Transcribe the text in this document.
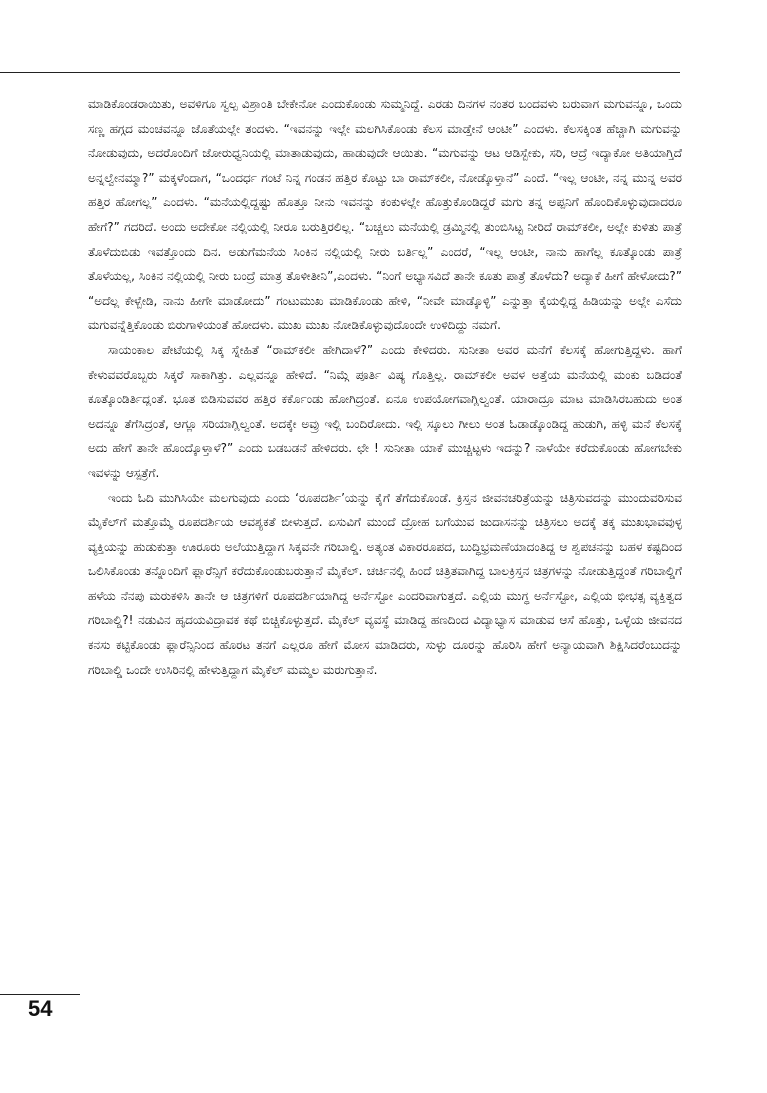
ಮಾಡಿಕೊಂಡರಾಯಿತು, ಅವಳಿಗೂ ಸ್ವಲ್ಪ ವಿಶ್ರಾಂತಿ ಬೇಕೇನೋ ಎಂದುಕೊಂಡು ಸುಮ್ಮನಿದ್ದೆ. ಎರಡು ದಿನಗಳ ನಂತರ ಬಂದವಳು ಬರುವಾಗ ಮಗುವನ್ನೂ, ಒಂದು ಸಣ್ಣ ಹಗ್ಗದ ಮಂಚವನ್ನೂ ಜೊತೆಯಲ್ಲೇ ತಂದಳು. “ಇವನನ್ನು ಇಲ್ಲೇ ಮಲಗಿಸಿಕೊಂಡು ಕೆಲಸ ಮಾಡ್ತೇನೆ ಆಂಟೀ” ಎಂದಳು. ಕೆಲಸಕ್ಕಿಂತ ಹೆಚ್ಚಾಗಿ ಮಗುವನ್ನು ನೋಡುವುದು, ಅದರೊಂದಿಗೆ ಜೋರುಧ್ವನಿಯಲ್ಲಿ ಮಾತಾಡುವುದು, ಹಾಡುವುದೇ ಆಯಿತು. “ಮಗುವನ್ನು ಆಟ ಆಡಿಸ್ಬೇಕು, ಸರಿ, ಆದ್ರೆ ಇದ್ಯಾಕೋ ಅತಿಯಾಗ್ತಿದೆ ಅನ್ನಲ್ವೇನಮ್ಮಾ?” ಮಕ್ಕಳೆಂದಾಗ, “ಒಂದರ್ಧ ಗಂಟೆ ನಿನ್ನ ಗಂಡನ ಹತ್ತಿರ ಕೊಟ್ಟು ಬಾ ರಾಮ್‌ಕಲೀ, ನೋಡ್ಕೊಳ್ತಾನೆ” ಎಂದೆ. “ಇಲ್ಲ ಆಂಟೀ, ನನ್ನ ಮುನ್ನ ಅವರ ಹತ್ತಿರ ಹೋಗಲ್ಲ” ಎಂದಳು. “ಮನೆಯಲ್ಲಿದ್ದಷ್ಟು ಹೊತ್ತೂ ನೀನು ಇವನನ್ನು ಕಂಕುಳಲ್ಲೇ ಹೊತ್ತುಕೊಂಡಿದ್ದರೆ ಮಗು ತನ್ನ ಅಪ್ಪನಿಗೆ ಹೊಂದಿಕೊಳ್ಳುವುದಾದರೂ ಹೇಗೆ?” ಗದರಿದೆ. ಅಂದು ಅದೇಕೋ ನಲ್ಲಿಯಲ್ಲಿ ನೀರೂ ಬರುತ್ತಿರಲಿಲ್ಲ. “ಬಚ್ಚಲು ಮನೆಯಲ್ಲಿ ಡ್ರಮ್ಮಿನಲ್ಲಿ ತುಂಬಿಸಿಟ್ಟ ನೀರಿದೆ ರಾಮ್‌ಕಲೀ, ಅಲ್ಲೇ ಕುಳಿತು ಪಾತ್ರೆ ತೊಳೆದುಬಿಡು ಇವತ್ತೊಂದು ದಿನ. ಅಡುಗೆಮನೆಯ ಸಿಂಕಿನ ನಲ್ಲಿಯಲ್ಲಿ ನೀರು ಬರ್ತಿಲ್ಲ” ಎಂದರೆ, “ಇಲ್ಲ ಆಂಟೀ, ನಾನು ಹಾಗೆಲ್ಲ ಕೂತ್ಕೊಂಡು ಪಾತ್ರೆ ತೊಳೆಯಲ್ಲ, ಸಿಂಕಿನ ನಲ್ಲಿಯಲ್ಲಿ ನೀರು ಬಂದ್ರೆ ಮಾತ್ರ ತೊಳೀತೀನಿ”,ಎಂದಳು. “ನಿಂಗೆ ಅಭ್ಯಾಸವಿದೆ ತಾನೇ ಕೂತು ಪಾತ್ರೆ ತೊಳೆದು? ಅದ್ಯಾಕೆ ಹೀಗೆ ಹೇಳೋದು?” “ಅದೆಲ್ಲ ಕೇಳ್ಬೇಡಿ, ನಾನು ಹೀಗೇ ಮಾಡೋದು” ಗಂಟುಮುಖ ಮಾಡಿಕೊಂಡು ಹೇಳಿ, “ನೀವೇ ಮಾಡ್ಕೊಳ್ಳಿ” ಎನ್ನುತ್ತಾ ಕೈಯಲ್ಲಿದ್ದ ಹಿಡಿಯನ್ನು ಅಲ್ಲೇ ಎಸೆದು ಮಗುವನ್ನೆತ್ತಿಕೊಂಡು ಬಿರುಗಾಳಿಯಂತೆ ಹೋದಳು. ಮುಖ ಮುಖ ನೋಡಿಕೊಳ್ಳುವುದೊಂದೇ ಉಳಿದಿದ್ದು ನಮಗೆ.

ಸಾಯಂಕಾಲ ಪೇಟೆಯಲ್ಲಿ ಸಿಕ್ಕ ಸ್ನೇಹಿತೆ “ರಾಮ್‌ಕಲೀ ಹೇಗಿದಾಳೆ?” ಎಂದು ಕೇಳಿದರು. ಸುನೀತಾ ಅವರ ಮನೆಗೆ ಕೆಲಸಕ್ಕೆ ಹೋಗುತ್ತಿದ್ದಳು. ಹಾಗೆ ಕೇಳುವವರೊಬ್ಬರು ಸಿಕ್ಕರೆ ಸಾಕಾಗಿತ್ತು. ಎಲ್ಲವನ್ನೂ ಹೇಳಿದೆ. “ನಿಮ್ಗೆ ಪೂರ್ತಿ ವಿಷ್ಯ ಗೊತ್ತಿಲ್ಲ. ರಾಮ್‌ಕಲೀ ಅವಳ ಅತ್ತೆಯ ಮನೆಯಲ್ಲಿ ಮಂಕು ಬಡಿದಂತೆ ಕೂತ್ಕೊಂಡಿರ್ತಿದ್ಲಂತೆ. ಭೂತ ಬಿಡಿಸುವವರ ಹತ್ತಿರ ಕರ್ಕೊಂಡು ಹೋಗಿದ್ರಂತೆ. ಏನೂ ಉಪಯೋಗವಾಗ್ಲಿಲ್ವಂತೆ. ಯಾರಾದ್ರೂ ಮಾಟ ಮಾಡಿಸಿರಬಹುದು ಅಂತ ಅದನ್ನೂ ತೆಗೆಸಿದ್ರಂತೆ, ಆಗ್ಲೂ ಸರಿಯಾಗ್ಲಿಲ್ವಂತೆ. ಅದಕ್ಕೇ ಅವ್ರು ಇಲ್ಲಿ ಬಂದಿರೋದು. ಇಲ್ಲಿ ಸ್ಕೂಲು ಗೀಲು ಅಂತ ಓಡಾಡ್ಕೊಂಡಿದ್ದ ಹುಡುಗಿ, ಹಳ್ಳಿ ಮನೆ ಕೆಲಸಕ್ಕೆ ಅದು ಹೇಗೆ ತಾನೇ ಹೊಂದ್ಕೊಳ್ತಾಳೆ?” ಎಂದು ಬಡಬಡನೆ ಹೇಳಿದರು. ಛೇ ! ಸುನೀತಾ ಯಾಕೆ ಮುಚ್ಚಿಟ್ಟಳು ಇದನ್ನು? ನಾಳೆಯೇ ಕರೆದುಕೊಂಡು ಹೋಗಬೇಕು ಇವಳನ್ನು ಆಸ್ಪತ್ರೆಗೆ.

ಇಂದು ಓದಿ ಮುಗಿಸಿಯೇ ಮಲಗುವುದು ಎಂದು ‘ರೂಪದರ್ಶಿ’ಯನ್ನು ಕೈಗೆ ತೆಗೆದುಕೊಂಡೆ. ಕ್ರಿಸ್ತನ ಜೀವನಚರಿತ್ರೆಯನ್ನು ಚಿತ್ರಿಸುವದನ್ನು ಮುಂದುವರಿಸುವ ಮೈಕೆಲ್‌ಗೆ ಮತ್ತೊಮ್ಮೆ ರೂಪದರ್ಶಿಯ ಆವಶ್ಯಕತೆ ಬೀಳುತ್ತದೆ. ಏಸುವಿಗೆ ಮುಂದೆ ದ್ರೋಹ ಬಗೆಯುವ ಜುದಾಸನನ್ನು ಚಿತ್ರಿಸಲು ಅದಕ್ಕೆ ತಕ್ಕ ಮುಖಭಾವವುಳ್ಳ ವ್ಯಕ್ತಿಯನ್ನು ಹುಡುಕುತ್ತಾ ಊರೂರು ಅಲೆಯುತ್ತಿದ್ದಾಗ ಸಿಕ್ಕವನೇ ಗರಿಬಾಲ್ಡಿ. ಅತ್ಯಂತ ವಿಕಾರರೂಪದ, ಬುದ್ಧಿಭ್ರಮಣೆಯಾದಂತಿದ್ದ ಆ ಶ್ವಪಚನನ್ನು ಬಹಳ ಕಷ್ಟದಿಂದ ಒಲಿಸಿಕೊಂಡು ತನ್ನೊಂದಿಗೆ ಫ್ಲಾರೆನ್ಸಿಗೆ ಕರೆದುಕೊಂಡುಬರುತ್ತಾನೆ ಮೈಕೆಲ್. ಚರ್ಚಿನಲ್ಲಿ ಹಿಂದೆ ಚಿತ್ರಿತವಾಗಿದ್ದ ಬಾಲಕ್ರಿಸ್ತನ ಚಿತ್ರಗಳನ್ನು ನೋಡುತ್ತಿದ್ದಂತೆ ಗರಿಬಾಲ್ಡಿಗೆ ಹಳೆಯ ನೆನಪು ಮರುಕಳಿಸಿ ತಾನೇ ಆ ಚಿತ್ರಗಳಿಗೆ ರೂಪದರ್ಶಿಯಾಗಿದ್ದ ಅರ್ನೆಸ್ಟೋ ಎಂದರಿವಾಗುತ್ತದೆ. ಎಲ್ಲಿಯ ಮುಗ್ಧ ಅರ್ನೆಸ್ಟೋ, ಎಲ್ಲಿಯ ಭೀಭತ್ಸ ವ್ಯಕ್ತಿತ್ವದ ಗರಿಬಾಲ್ಡಿ?! ನಡುವಿನ ಹೃದಯವಿದ್ರಾವಕ ಕಥೆ ಬಿಚ್ಚಿಕೊಳ್ಳುತ್ತದೆ. ಮೈಕೆಲ್ ವ್ಯವಸ್ಥೆ ಮಾಡಿದ್ದ ಹಣದಿಂದ ವಿದ್ಯಾಭ್ಯಾಸ ಮಾಡುವ ಆಸೆ ಹೊತ್ತು, ಒಳ್ಳೆಯ ಜೀವನದ ಕನಸು ಕಟ್ಟಿಕೊಂಡು ಫ್ಲಾರೆನ್ಸಿನಿಂದ ಹೊರಟ ತನಗೆ ಎಲ್ಲರೂ ಹೇಗೆ ಮೋಸ ಮಾಡಿದರು, ಸುಳ್ಳು ದೂರನ್ನು ಹೊರಿಸಿ ಹೇಗೆ ಅನ್ಯಾಯವಾಗಿ ಶಿಕ್ಷಿಸಿದರೆಂಬುದನ್ನು ಗರಿಬಾಲ್ಡಿ ಒಂದೇ ಉಸಿರಿನಲ್ಲಿ ಹೇಳುತ್ತಿದ್ದಾಗ ಮೈಕೆಲ್ ಮಮ್ಮಲ ಮರುಗುತ್ತಾನೆ.

54
